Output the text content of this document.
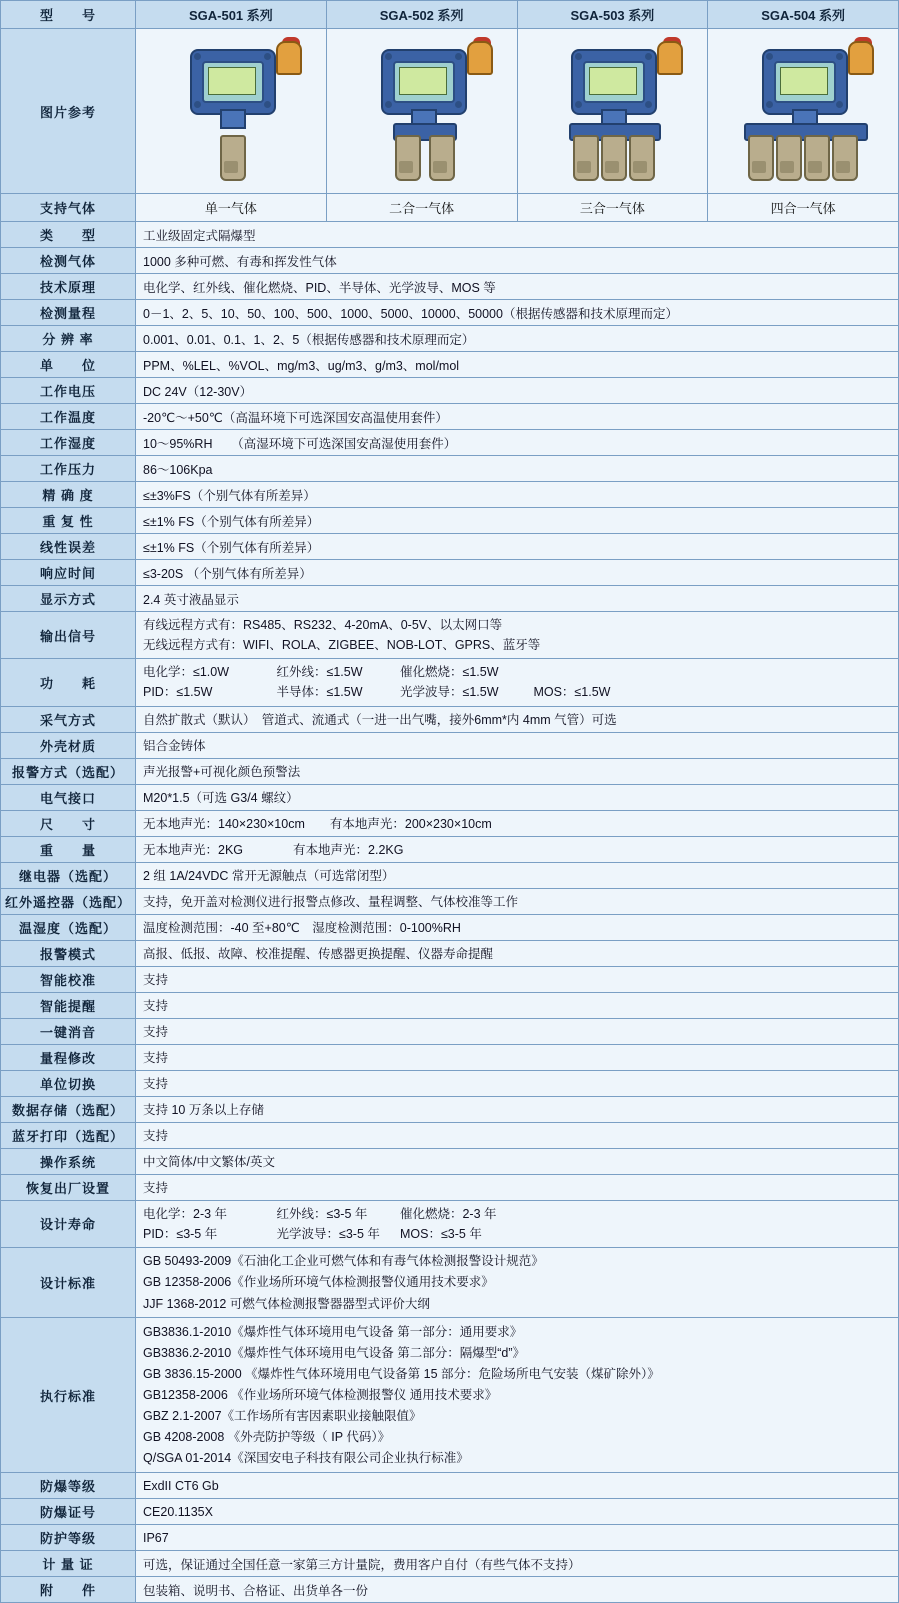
型　　号	SGA-501 系列	SGA-502 系列	SGA-503 系列	SGA-504 系列
图片参考	

支持气体	单一气体	二合一气体	三合一气体	四合一气体
类　　型	工业级固定式隔爆型			
检测气体	1000 多种可燃、有毒和挥发性气体			
技术原理	电化学、红外线、催化燃烧、PID、半导体、光学波导、MOS 等			
检测量程	0－1、2、5、10、50、100、500、1000、5000、10000、50000（根据传感器和技术原理而定）			
分 辨 率	0.001、0.01、0.1、1、2、5（根据传感器和技术原理而定）			
单　　位	PPM、%LEL、%VOL、mg/m3、ug/m3、g/m3、mol/mol			
工作电压	DC 24V（12-30V）			
工作温度	-20℃～+50℃（高温环境下可选深国安高温使用套件）			
工作湿度	10～95%RH　　（高湿环境下可选深国安高湿使用套件）			
工作压力	86～106Kpa			
精 确 度	≤±3%FS（个别气体有所差异）			
重 复 性	≤±1% FS（个别气体有所差异）			
线性误差	≤±1% FS（个别气体有所差异）			
响应时间	≤3-20S （个别气体有所差异）			
显示方式	2.4 英寸液晶显示			
输出信号	有线远程方式有：RS485、RS232、4-20mA、0-5V、以太网口等
无线远程方式有：WIFI、ROLA、ZIGBEE、NOB-LOT、GPRS、蓝牙等			

功　　耗	电化学：≤1.0W 红外线：≤1.5W 催化燃烧：≤1.5W
PID：≤1.5W 半导体：≤1.5W 光学波导：≤1.5W MOS：≤1.5W			

采气方式	自然扩散式（默认）　管道式、流通式（一进一出气嘴，接外6mm*内 4mm 气管）可选			
外壳材质	铝合金铸体			
报警方式（选配）	声光报警+可视化颜色预警法			
电气接口	M20*1.5（可选 G3/4 螺纹）			
尺　　寸	无本地声光：140×230×10cm　　有本地声光：200×230×10cm			
重　　量	无本地声光：2KG　　　　有本地声光：2.2KG			
继电器（选配）	2 组 1A/24VDC 常开无源触点（可选常闭型）			
红外遥控器（选配）	支持，免开盖对检测仪进行报警点修改、量程调整、气体校准等工作			
温湿度（选配）	温度检测范围：-40 至+80℃　湿度检测范围：0-100%RH			
报警模式	高报、低报、故障、校准提醒、传感器更换提醒、仪器寿命提醒			
智能校准	支持			
智能提醒	支持			
一键消音	支持			
量程修改	支持			
单位切换	支持			
数据存储（选配）	支持 10 万条以上存储			
蓝牙打印（选配）	支持			
操作系统	中文简体/中文繁体/英文			
恢复出厂设置	支持			
设计寿命	电化学：2-3 年 红外线：≤3-5 年 催化燃烧：2-3 年
PID：≤3-5 年 光学波导：≤3-5 年 MOS：≤3-5 年			

设计标准	GB 50493-2009《石油化工企业可燃气体和有毒气体检测报警设计规范》
GB 12358-2006《作业场所环境气体检测报警仪通用技术要求》
JJF 1368-2012 可燃气体检测报警器器型式评价大纲			

执行标准	
GB3836.1-2010《爆炸性气体环境用电气设备 第一部分：通用要求》
GB3836.2-2010《爆炸性气体环境用电气设备 第二部分：隔爆型“d”》
GB 3836.15-2000 《爆炸性气体环境用电气设备第 15 部分：危险场所电气安装（煤矿除外）》
GB12358-2006 《作业场所环境气体检测报警仪 通用技术要求》
GBZ 2.1-2007《工作场所有害因素职业接触限值》
GB 4208-2008 《外壳防护等级（ IP 代码）》
Q/SGA 01-2014《深国安电子科技有限公司企业执行标准》

防爆等级	ExdII CT6 Gb			
防爆证号	CE20.1135X			
防护等级	IP67			
计 量 证	可选，保证通过全国任意一家第三方计量院，费用客户自付（有些气体不支持）			
附　　件	包装箱、说明书、合格证、出货单各一份			
